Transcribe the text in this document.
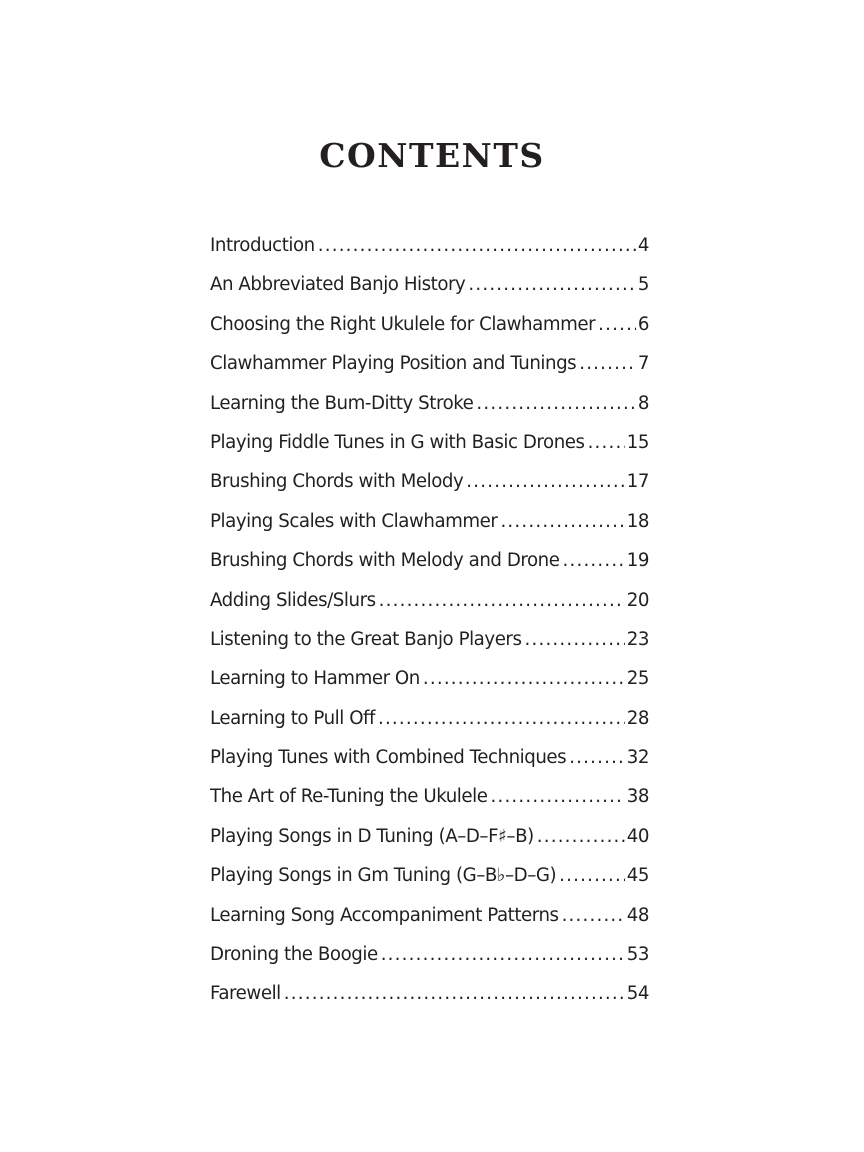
CONTENTS
Introduction .....	4
An Abbreviated Banjo History .....	5
Choosing the Right Ukulele for Clawhammer ..... 6
Clawhammer Playing Position and Tunings .....	7
Learning the Bum-Ditty Stroke .....	8
Playing Fiddle Tunes in G with Basic Drones ..... 15
Brushing Chords with Melody .....	17
Playing Scales with Clawhammer .....	18
Brushing Chords with Melody and Drone .....	19
Adding Slides/Slurs .....	20
Listening to the Great Banjo Players .....	23
Learning to Hammer On .....	25
Learning to Pull Off .....	28
Playing Tunes with Combined Techniques .....	32
The Art of Re-Tuning the Ukulele .....	38
Playing Songs in D Tuning (A–D–F♯–B) .....	40
Playing Songs in Gm Tuning (G–B♭–D–G) .....	45
Learning Song Accompaniment Patterns .....	48
Droning the Boogie .....	53
Farewell .....	54
